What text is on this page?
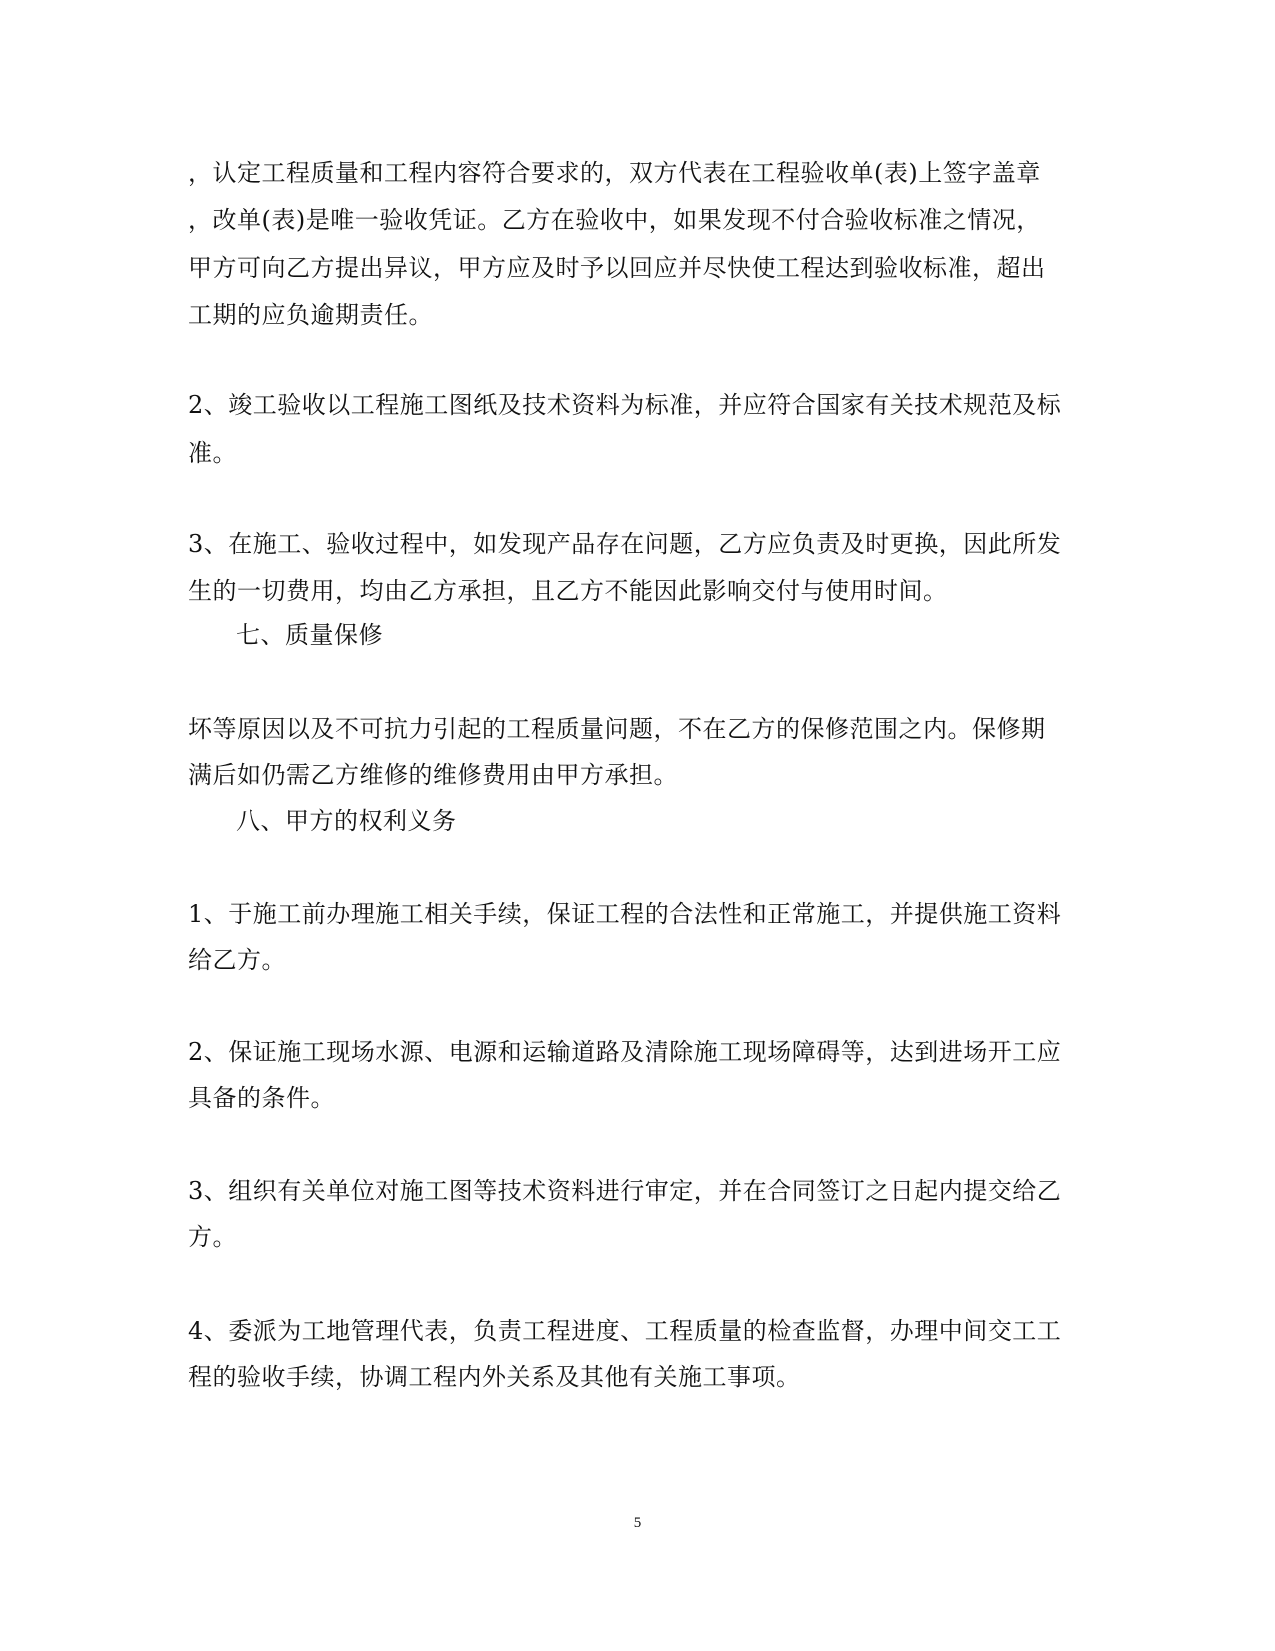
，认定工程质量和工程内容符合要求的，双方代表在工程验收单(表)上签字盖章
，改单(表)是唯一验收凭证。乙方在验收中，如果发现不付合验收标准之情况，
甲方可向乙方提出异议，甲方应及时予以回应并尽快使工程达到验收标准，超出
工期的应负逾期责任。
2、竣工验收以工程施工图纸及技术资料为标准，并应符合国家有关技术规范及标
准。
3、在施工、验收过程中，如发现产品存在问题，乙方应负责及时更换，因此所发
生的一切费用，均由乙方承担，且乙方不能因此影响交付与使用时间。
七、质量保修
坏等原因以及不可抗力引起的工程质量问题，不在乙方的保修范围之内。保修期
满后如仍需乙方维修的维修费用由甲方承担。
八、甲方的权利义务
1、于施工前办理施工相关手续，保证工程的合法性和正常施工，并提供施工资料
给乙方。
2、保证施工现场水源、电源和运输道路及清除施工现场障碍等，达到进场开工应
具备的条件。
3、组织有关单位对施工图等技术资料进行审定，并在合同签订之日起内提交给乙
方。
4、委派为工地管理代表，负责工程进度、工程质量的检查监督，办理中间交工工
程的验收手续，协调工程内外关系及其他有关施工事项。
5
